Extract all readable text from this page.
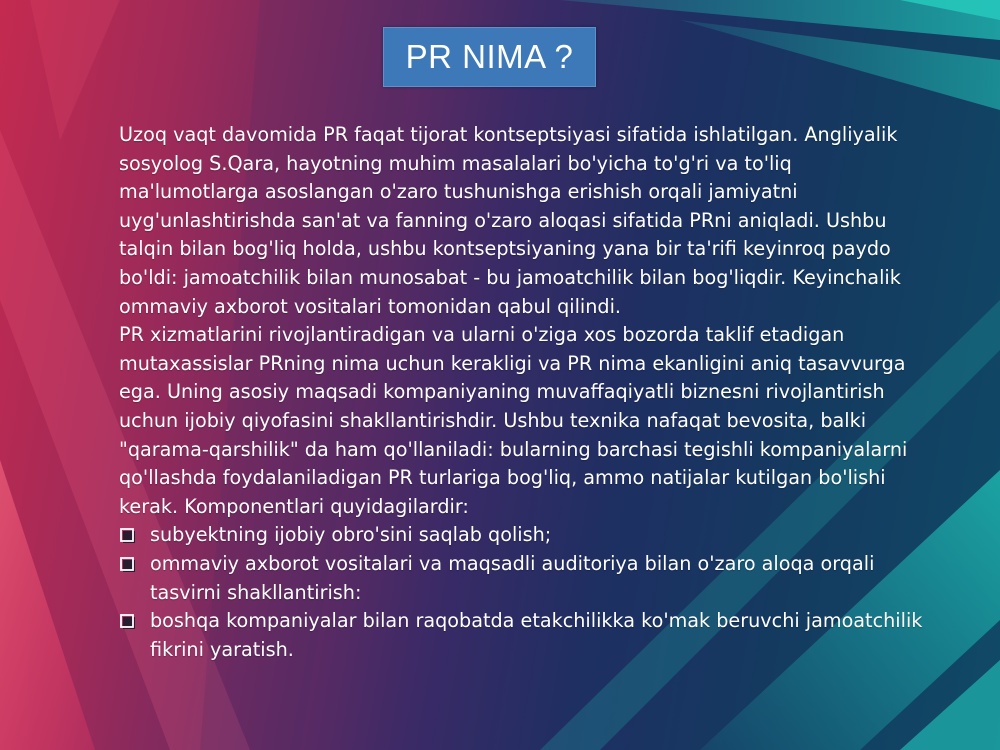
PR NIMA ?

Uzoq vaqt davomida PR faqat tijorat kontseptsiyasi sifatida ishlatilgan. Angliyalik sosyolog S.Qara, hayotning muhim masalalari bo'yicha to'g'ri va to'liq ma'lumotlarga asoslangan o'zaro tushunishga erishish orqali jamiyatni uyg'unlashtirishda san'at va fanning o'zaro aloqasi sifatida PRni aniqladi. Ushbu talqin bilan bog'liq holda, ushbu kontseptsiyaning yana bir ta'rifi keyinroq paydo bo'ldi: jamoatchilik bilan munosabat - bu jamoatchilik bilan bog'liqdir. Keyinchalik ommaviy axborot vositalari tomonidan qabul qilindi.

PR xizmatlarini rivojlantiradigan va ularni o'ziga xos bozorda taklif etadigan mutaxassislar PRning nima uchun kerakligi va PR nima ekanligini aniq tasavvurga ega. Uning asosiy maqsadi kompaniyaning muvaffaqiyatli biznesni rivojlantirish uchun ijobiy qiyofasini shakllantirishdir. Ushbu texnika nafaqat bevosita, balki "qarama-qarshilik" da ham qo'llaniladi: bularning barchasi tegishli kompaniyalarni qo'llashda foydalaniladigan PR turlariga bog'liq, ammo natijalar kutilgan bo'lishi kerak. Komponentlari quyidagilardir:

subyektning ijobiy obro'sini saqlab qolish;
ommaviy axborot vositalari va maqsadli auditoriya bilan o'zaro aloqa orqali tasvirni shakllantirish:
boshqa kompaniyalar bilan raqobatda etakchilikka ko'mak beruvchi jamoatchilik fikrini yaratish.
